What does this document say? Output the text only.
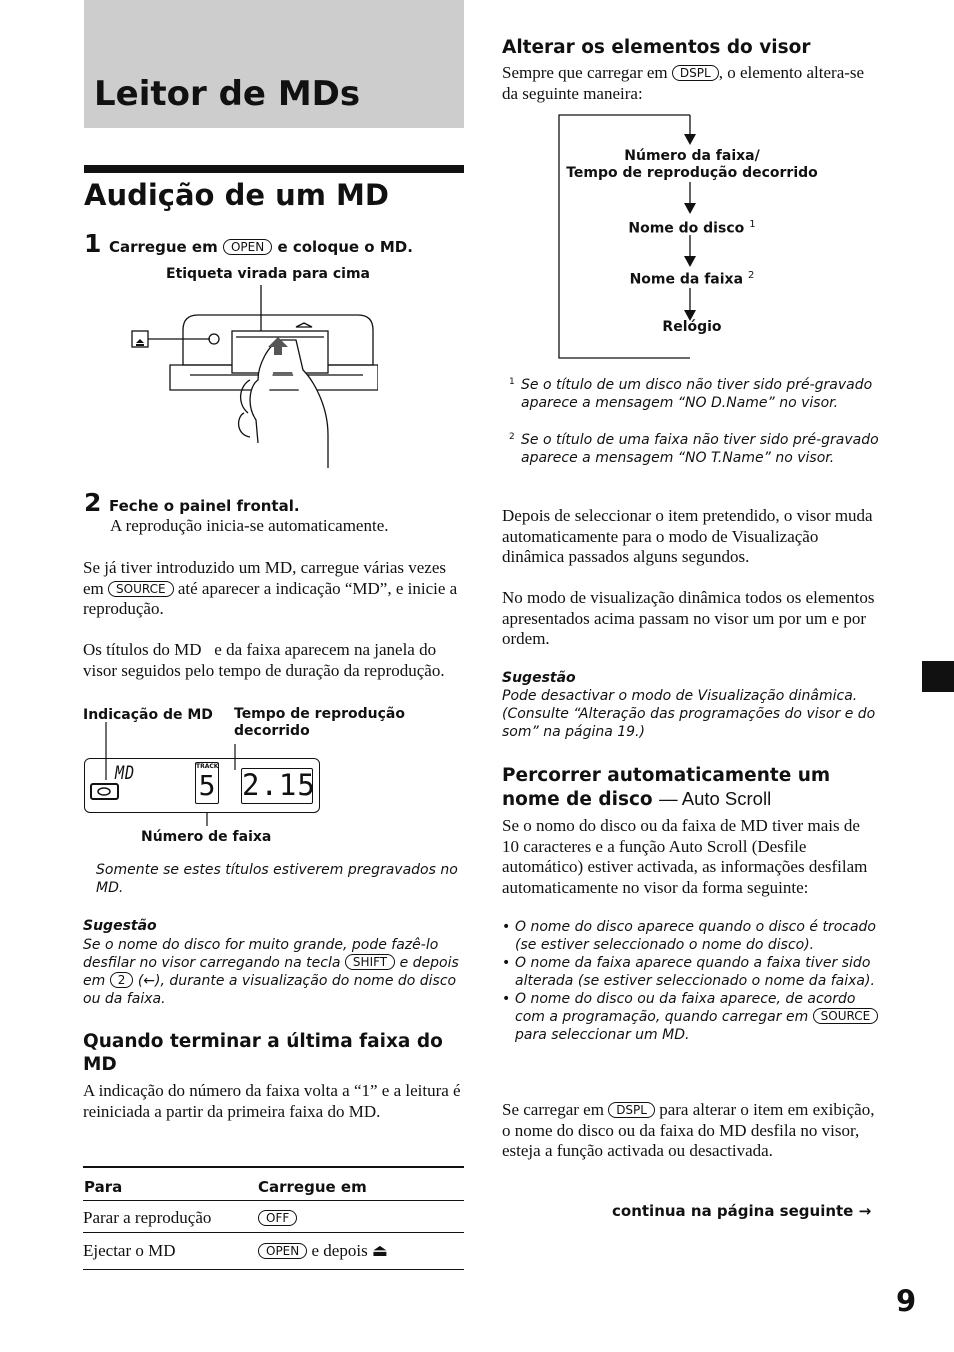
Leitor de MDs
Audição de um MD
1 Carregue em OPEN e coloque o MD.
Etiqueta virada para cima
2 Feche o painel frontal.
A reprodução inicia-se automaticamente.
Se já tiver introduzido um MD, carregue várias vezes em SOURCE até aparecer a indicação “MD”, e inicie a reprodução.
Os títulos do MD   e da faixa aparecem na janela do visor seguidos pelo tempo de duração da reprodução.
Indicação de MD Tempo de reprodução decorrido
MD	TRACK
5 2.15
Número de faixa
Somente se estes títulos estiverem pregravados no MD.
Sugestão
Se o nome do disco for muito grande, pode fazê-lo desfilar no visor carregando na tecla SHIFT e depois em 2 (←), durante a visualização do nome do disco ou da faixa.
Quando terminar a última faixa do MD
A indicação do número da faixa volta a “1” e a leitura é reiniciada a partir da primeira faixa do MD.
Para	Carregue em
Parar a reprodução	OFF
Ejectar o MD	OPEN e depois ⏏
Alterar os elementos do visor
Sempre que carregar em DSPL , o elemento altera-se da seguinte maneira:
Número da faixa/
Tempo de reprodução decorrido
Nome do disco $^1$
Nome da faixa $^2$
Relógio
1 Se o título de um disco não tiver sido pré-gravado aparece a mensagem “NO D.Name” no visor.
2 Se o título de uma faixa não tiver sido pré-gravado aparece a mensagem “NO T.Name” no visor.
Depois de seleccionar o item pretendido, o visor muda automaticamente para o modo de Visualização dinâmica passados alguns segundos.
No modo de visualização dinâmica todos os elementos apresentados acima passam no visor um por um e por ordem.
Sugestão
Pode desactivar o modo de Visualização dinâmica. (Consulte “Alteração das programações do visor e do som” na página 19.)
Percorrer automaticamente um nome de disco — Auto Scroll
Se o nomo do disco ou da faixa de MD tiver mais de 10 caracteres e a função Auto Scroll (Desfile automático) estiver activada, as informações desfilam automaticamente no visor da forma seguinte:
• O nome do disco aparece quando o disco é trocado (se estiver seleccionado o nome do disco).
• O nome da faixa aparece quando a faixa tiver sido alterada (se estiver seleccionado o nome da faixa).
• O nome do disco ou da faixa aparece, de acordo com a programação, quando carregar em SOURCE para seleccionar um MD.
Se carregar em DSPL para alterar o item em exibição, o nome do disco ou da faixa do MD desfila no visor, esteja a função activada ou desactivada.
continua na página seguinte →
9
